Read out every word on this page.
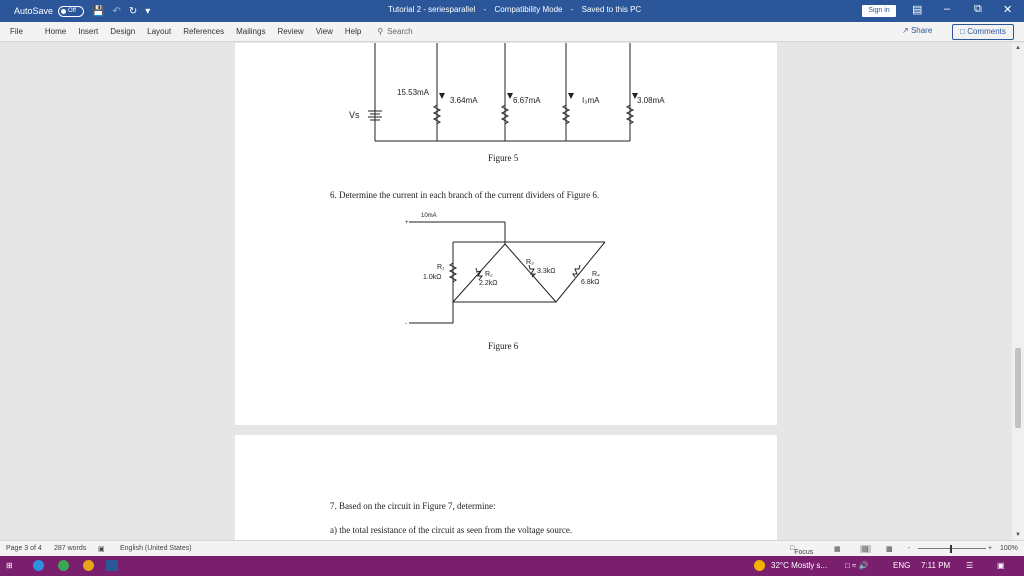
AutoSave	Off 💾 ↶ ↻ ▾	Tutorial 2 - seriesparallel - Compatibility Mode - Saved to this PC	Sign in	▤ – ⧉ ✕
File	Home Insert Design Layout References Mailings Review View Help ⚲ Search	↗ Share	□ Comments
15.53mA
Vs
3.64mA	6.67mA	I₃mA	3.08mA
Figure 5
6. Determine the current in each branch of the current dividers of Figure 6.
10mA
+
-
R₁
1.0kΩ	R₂
2.2kΩ
R₃
3.3kΩ	R₄
6.8kΩ
Figure 6
7. Based on the circuit in Figure 7, determine:
a) the total resistance of the circuit as seen from the voltage source.
▲
▼
Page 3 of 4 287 words ▣ English (United States)	□
Focus	▦	▤ ▩ -	+ 100%
⊞	32°C Mostly s... □ ≈ 🔊	ENG 7:11 PM ☰	▣
